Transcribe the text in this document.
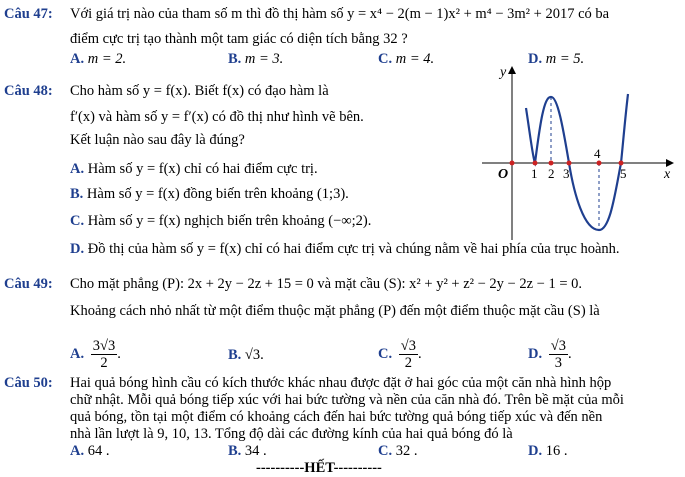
Câu 47: Với giá trị nào của tham số m thì đồ thị hàm số y = x⁴ − 2(m − 1)x² + m⁴ − 3m² + 2017 có ba
điểm cực trị tạo thành một tam giác có diện tích bằng 32 ?
A. m = 2.	B. m = 3.	C. m = 4.	D. m = 5.
Câu 48: Cho hàm số y = f(x). Biết f(x) có đạo hàm là
f′(x) và hàm số y = f′(x) có đồ thị như hình vẽ bên.
Kết luận nào sau đây là đúng?
A. Hàm số y = f(x) chỉ có hai điểm cực trị.
B. Hàm số y = f(x) đồng biến trên khoảng (1;3).
C. Hàm số y = f(x) nghịch biến trên khoảng (−∞;2).
D. Đồ thị của hàm số y = f(x) chỉ có hai điểm cực trị và chúng nằm về hai phía của trục hoành.
y
x
O 1 2 3
4
5
Câu 49: Cho mặt phẳng (P): 2x + 2y − 2z + 15 = 0 và mặt cầu (S): x² + y² + z² − 2y − 2z − 1 = 0.
Khoảng cách nhỏ nhất từ một điểm thuộc mặt phẳng (P) đến một điểm thuộc mặt cầu (S) là
A. $\frac{3√3}{2}$ .	B. √3.	C. $\frac{√3}{2}$ .	D. $\frac{√3}{3}$ .
Câu 50: Hai quả bóng hình cầu có kích thước khác nhau được đặt ở hai góc của một căn nhà hình hộp
chữ nhật. Mỗi quả bóng tiếp xúc với hai bức tường và nền của căn nhà đó. Trên bề mặt của mỗi
quả bóng, tồn tại một điểm có khoảng cách đến hai bức tường quả bóng tiếp xúc và đến nền
nhà lần lượt là 9, 10, 13. Tổng độ dài các đường kính của hai quả bóng đó là
A. 64 .	B. 34 .	C. 32 .	D. 16 .
----------HẾT----------
